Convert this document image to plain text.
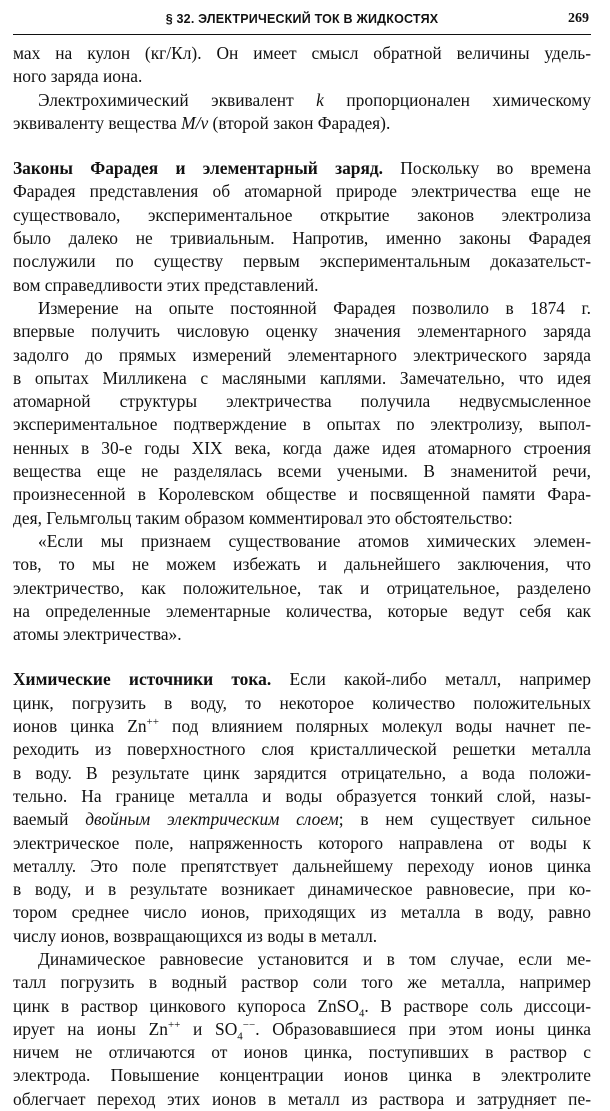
§ 32. ЭЛЕКТРИЧЕСКИЙ ТОК В ЖИДКОСТЯХ	269
мах на кулон (кг/Кл). Он имеет смысл обратной величины удель-
ного заряда иона.
Электрохимический эквивалент k пропорционален химическому
эквиваленту вещества M/ν (второй закон Фарадея).
Законы Фарадея и элементарный заряд. Поскольку во времена
Фарадея представления об атомарной природе электричества еще не
существовало, экспериментальное открытие законов электролиза
было далеко не тривиальным. Напротив, именно законы Фарадея
послужили по существу первым экспериментальным доказательст-
вом справедливости этих представлений.
Измерение на опыте постоянной Фарадея позволило в 1874 г.
впервые получить числовую оценку значения элементарного заряда
задолго до прямых измерений элементарного электрического заряда
в опытах Милликена с масляными каплями. Замечательно, что идея
атомарной структуры электричества получила недвусмысленное
экспериментальное подтверждение в опытах по электролизу, выпол-
ненных в 30-е годы XIX века, когда даже идея атомарного строения
вещества еще не разделялась всеми учеными. В знаменитой речи,
произнесенной в Королевском обществе и посвященной памяти Фара-
дея, Гельмгольц таким образом комментировал это обстоятельство:
«Если мы признаем существование атомов химических элемен-
тов, то мы не можем избежать и дальнейшего заключения, что
электричество, как положительное, так и отрицательное, разделено
на определенные элементарные количества, которые ведут себя как
атомы электричества».
Химические источники тока. Если какой-либо металл, например
цинк, погрузить в воду, то некоторое количество положительных
ионов цинка Zn++ под влиянием полярных молекул воды начнет пе-
реходить из поверхностного слоя кристаллической решетки металла
в воду. В результате цинк зарядится отрицательно, а вода положи-
тельно. На границе металла и воды образуется тонкий слой, назы-
ваемый двойным электрическим слоем; в нем существует сильное
электрическое поле, напряженность которого направлена от воды к
металлу. Это поле препятствует дальнейшему переходу ионов цинка
в воду, и в результате возникает динамическое равновесие, при ко-
тором среднее число ионов, приходящих из металла в воду, равно
числу ионов, возвращающихся из воды в металл.
Динамическое равновесие установится и в том случае, если ме-
талл погрузить в водный раствор соли того же металла, например
цинк в раствор цинкового купороса ZnSO$_4$. В растворе соль диссоци-
ирует на ионы Zn++ и $SO_4^{--}$. Образовавшиеся при этом ионы цинка
ничем не отличаются от ионов цинка, поступивших в раствор с
электрода. Повышение концентрации ионов цинка в электролите
облегчает переход этих ионов в металл из раствора и затрудняет пе-
